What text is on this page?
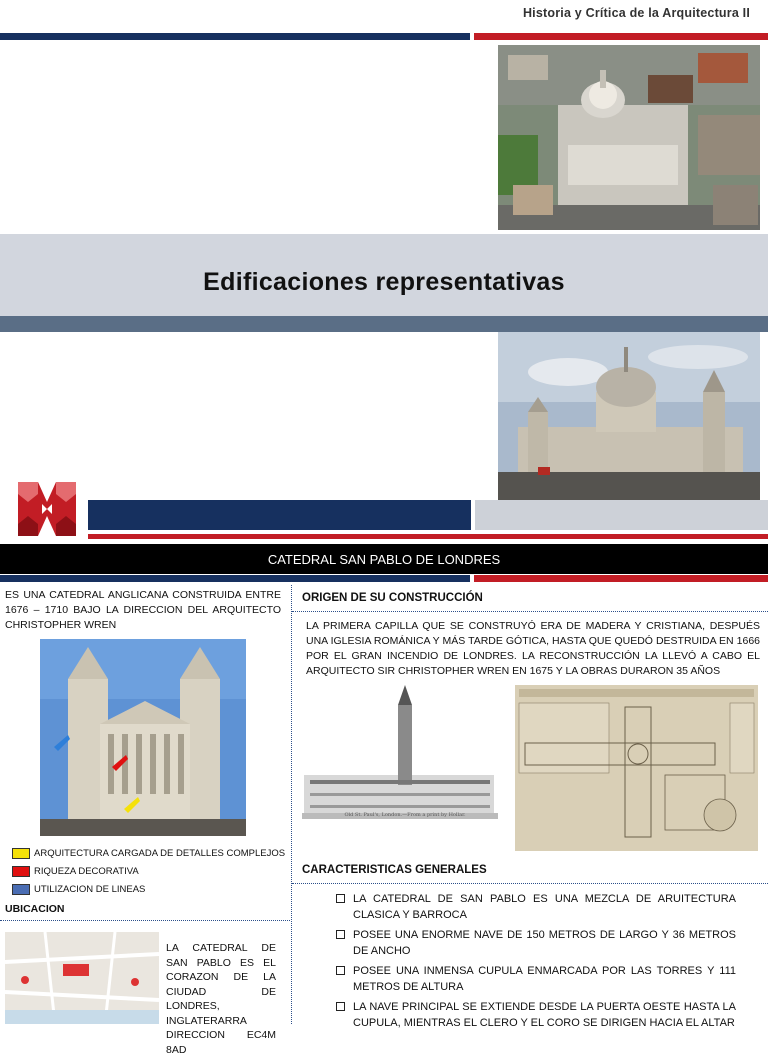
Historia y Crítica de la Arquitectura II
Edificaciones representativas
CATEDRAL SAN PABLO DE LONDRES
ES UNA CATEDRAL ANGLICANA CONSTRUIDA ENTRE 1676 – 1710 BAJO LA DIRECCION DEL ARQUITECTO CHRISTOPHER WREN
ARQUITECTURA CARGADA DE DETALLES COMPLEJOS
RIQUEZA DECORATIVA
UTILIZACION DE LINEAS
UBICACION
LA CATEDRAL DE SAN PABLO ES EL CORAZON DE LA CIUDAD DE LONDRES, INGLATERARRA DIRECCION EC4M 8AD
ORIGEN DE SU CONSTRUCCIÓN
LA PRIMERA CAPILLA QUE SE CONSTRUYÓ ERA DE MADERA Y CRISTIANA, DESPUÉS UNA IGLESIA ROMÁNICA Y MÁS TARDE GÓTICA, HASTA QUE QUEDÓ DESTRUIDA EN 1666 POR EL GRAN INCENDIO DE LONDRES. LA RECONSTRUCCIÓN LA LLEVÓ A CABO EL ARQUITECTO SIR CHRISTOPHER WREN EN 1675 Y LA OBRAS DURARON 35 AÑOS
Old St. Paul's, London.—From a print by Hollar.
CARACTERISTICAS GENERALES
LA CATEDRAL DE SAN PABLO ES UNA MEZCLA DE ARUITECTURA CLASICA Y BARROCA
POSEE UNA ENORME NAVE DE 150 METROS DE LARGO Y 36 METROS DE ANCHO
POSEE UNA INMENSA CUPULA ENMARCADA POR LAS TORRES Y 111 METROS DE ALTURA
LA NAVE PRINCIPAL SE EXTIENDE DESDE LA PUERTA OESTE HASTA LA CUPULA, MIENTRAS EL CLERO Y EL CORO SE DIRIGEN HACIA EL ALTAR
